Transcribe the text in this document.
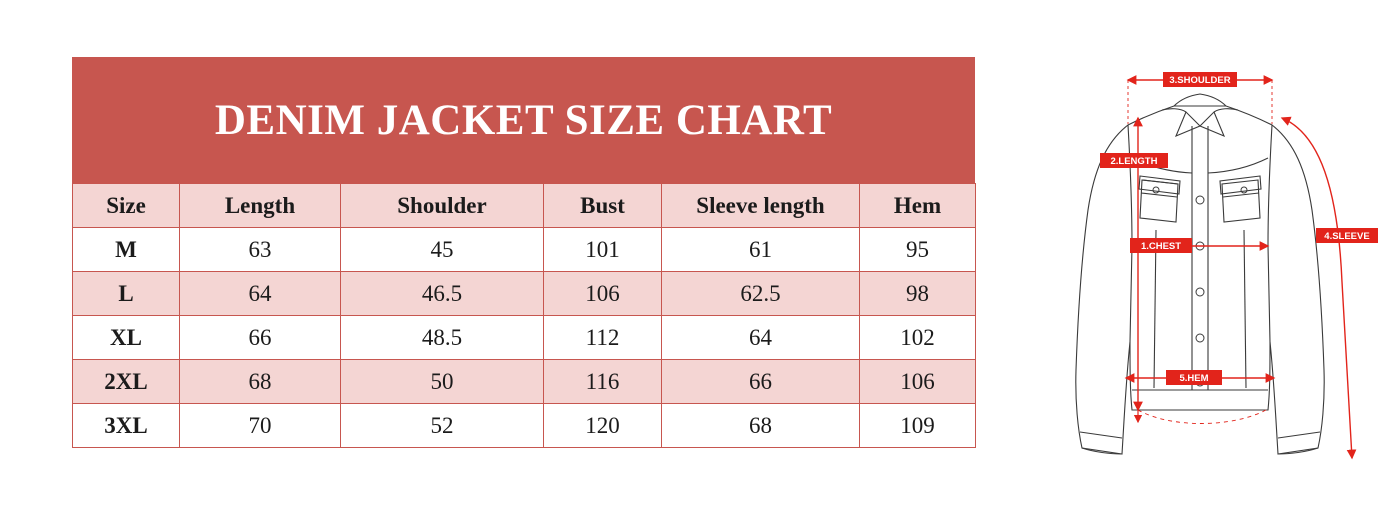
DENIM JACKET SIZE CHART
Size	Length	Shoulder	Bust	Sleeve length	Hem
M	63	45	101	61	95
L	64	46.5	106	62.5	98
XL	66	48.5	112	64	102
2XL	68	50	116	66	106
3XL	70	52	120	68	109
3.SHOULDER
2.LENGTH
1.CHEST
4.SLEEVE
5.HEM
